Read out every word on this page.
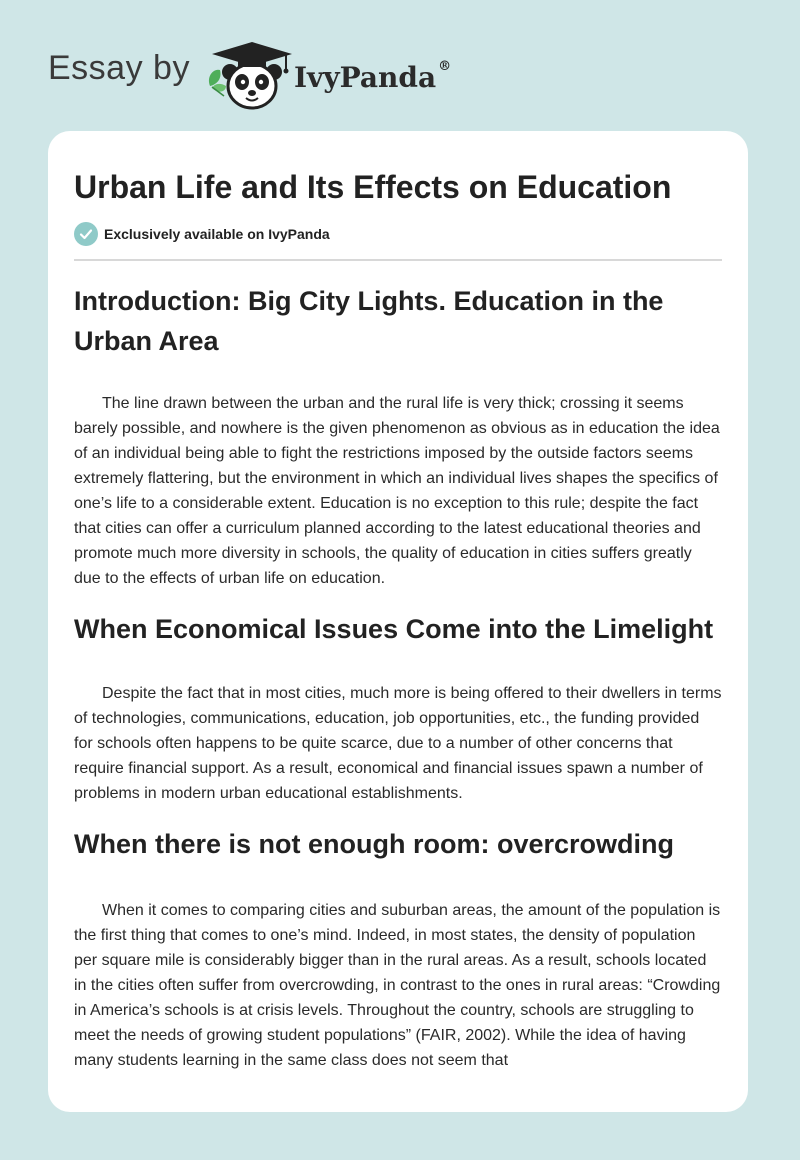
Essay by	IvyPanda ®
Urban Life and Its Effects on Education
Exclusively available on IvyPanda
Introduction: Big City Lights. Education in the Urban Area

The line drawn between the urban and the rural life is very thick; crossing it seems barely possible, and nowhere is the given phenomenon as obvious as in education the idea of an individual being able to fight the restrictions imposed by the outside factors seems extremely flattering, but the environment in which an individual lives shapes the specifics of one’s life to a considerable extent. Education is no exception to this rule; despite the fact that cities can offer a curriculum planned according to the latest educational theories and promote much more diversity in schools, the quality of education in cities suffers greatly due to the effects of urban life on education.

When Economical Issues Come into the Limelight

Despite the fact that in most cities, much more is being offered to their dwellers in terms of technologies, communications, education, job opportunities, etc., the funding provided for schools often happens to be quite scarce, due to a number of other concerns that require financial support. As a result, economical and financial issues spawn a number of problems in modern urban educational establishments.

When there is not enough room: overcrowding

When it comes to comparing cities and suburban areas, the amount of the population is the first thing that comes to one’s mind. Indeed, in most states, the density of population per square mile is considerably bigger than in the rural areas. As a result, schools located in the cities often suffer from overcrowding, in contrast to the ones in rural areas: “Crowding in America’s schools is at crisis levels. Throughout the country, schools are struggling to meet the needs of growing student populations” (FAIR, 2002). While the idea of having many students learning in the same class does not seem that
